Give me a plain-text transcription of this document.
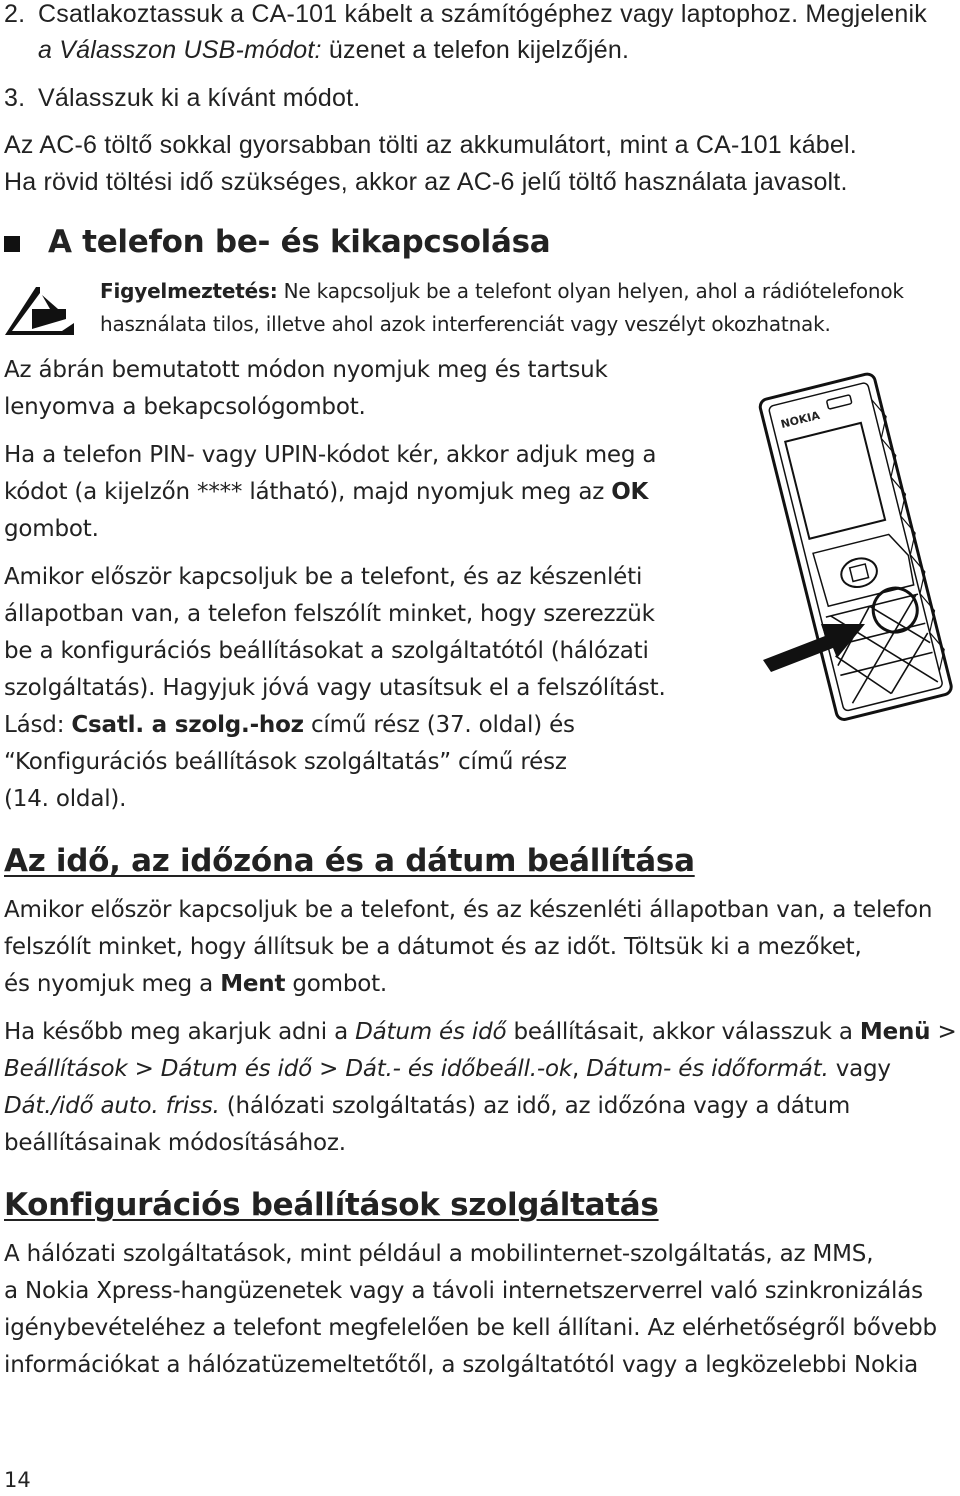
2. Csatlakoztassuk a CA-101 kábelt a számítógéphez vagy laptophoz. Megjelenik
a Válasszon USB-módot: üzenet a telefon kijelzőjén.
3. Válasszuk ki a kívánt módot.
Az AC-6 töltő sokkal gyorsabban tölti az akkumulátort, mint a CA-101 kábel.
Ha rövid töltési idő szükséges, akkor az AC-6 jelű töltő használata javasolt.
A telefon be- és kikapcsolása
Figyelmeztetés: Ne kapcsoljuk be a telefont olyan helyen, ahol a rádiótelefonok
használata tilos, illetve ahol azok interferenciát vagy veszélyt okozhatnak.
Az ábrán bemutatott módon nyomjuk meg és tartsuk
lenyomva a bekapcsológombot.
Ha a telefon PIN- vagy UPIN-kódot kér, akkor adjuk meg a
kódot (a kijelzőn **** látható), majd nyomjuk meg az OK
gombot.
Amikor először kapcsoljuk be a telefont, és az készenléti
állapotban van, a telefon felszólít minket, hogy szerezzük
be a konfigurációs beállításokat a szolgáltatótól (hálózati
szolgáltatás). Hagyjuk jóvá vagy utasítsuk el a felszólítást.
Lásd: Csatl. a szolg.-hoz című rész (37. oldal) és
“Konfigurációs beállítások szolgáltatás” című rész
(14. oldal).
NOKIA
Az idő, az időzóna és a dátum beállítása
Amikor először kapcsoljuk be a telefont, és az készenléti állapotban van, a telefon
felszólít minket, hogy állítsuk be a dátumot és az időt. Töltsük ki a mezőket,
és nyomjuk meg a Ment gombot.
Ha később meg akarjuk adni a Dátum és idő beállításait, akkor válasszuk a Menü >
Beállítások > Dátum és idő > Dát.- és időbeáll.-ok, Dátum- és időformát. vagy
Dát./idő auto. friss. (hálózati szolgáltatás) az idő, az időzóna vagy a dátum
beállításainak módosításához.
Konfigurációs beállítások szolgáltatás
A hálózati szolgáltatások, mint például a mobilinternet-szolgáltatás, az MMS,
a Nokia Xpress-hangüzenetek vagy a távoli internetszerverrel való szinkronizálás
igénybevételéhez a telefont megfelelően be kell állítani. Az elérhetőségről bővebb
információkat a hálózatüzemeltetőtől, a szolgáltatótól vagy a legközelebbi Nokia
14
